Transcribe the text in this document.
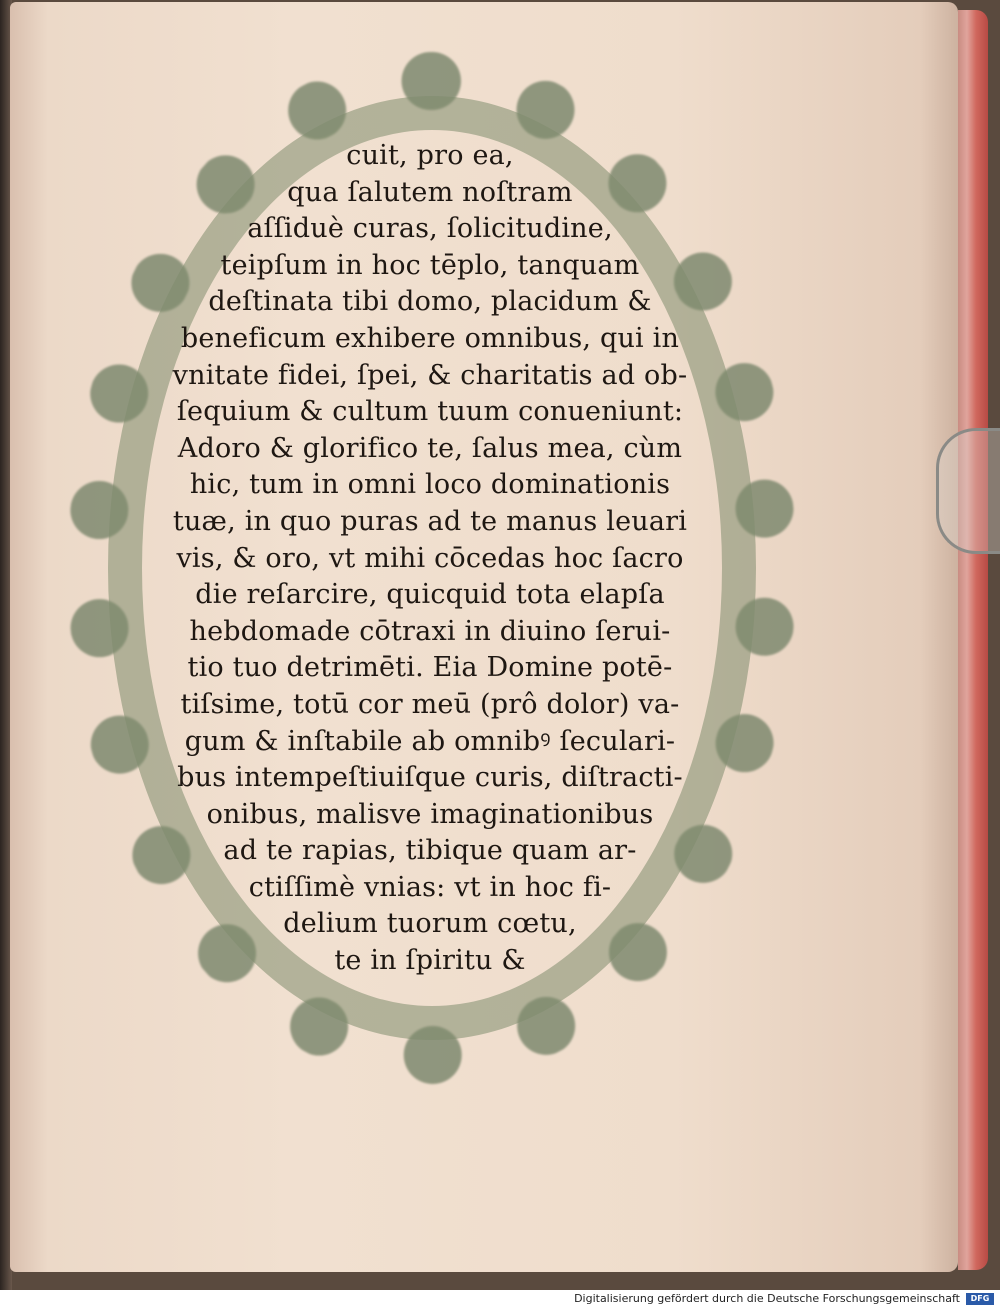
cuit, pro ea,
qua ſalutem noſtram
aſſiduè curas, ſolicitudine,
teipſum in hoc tēplo, tanquam
deſtinata tibi domo, placidum &
beneficum exhibere omnibus, qui in
vnitate fidei, ſpei, & charitatis ad ob-
ſequium & cultum tuum conueniunt:
Adoro & glorifico te, ſalus mea, cùm
hic, tum in omni loco dominationis
tuæ, in quo puras ad te manus leuari
vis, & oro, vt mihi cōcedas hoc ſacro
die reſarcire, quicquid tota elapſa
hebdomade cōtraxi in diuino ſerui-
tio tuo detrimēti. Eia Domine potē-
tiſsime, totū cor meū (prô dolor) va-
gum & inſtabile ab omnibꝰ ſeculari-
bus intempeſtiuiſque curis, diſtracti-
onibus, malisve imaginationibus
ad te rapias, tibique quam ar-
ctiſſimè vnias: vt in hoc fi-
delium tuorum cœtu,
te in ſpiritu &
Digitalisierung gefördert durch die Deutsche Forschungsgemeinschaft	DFG
